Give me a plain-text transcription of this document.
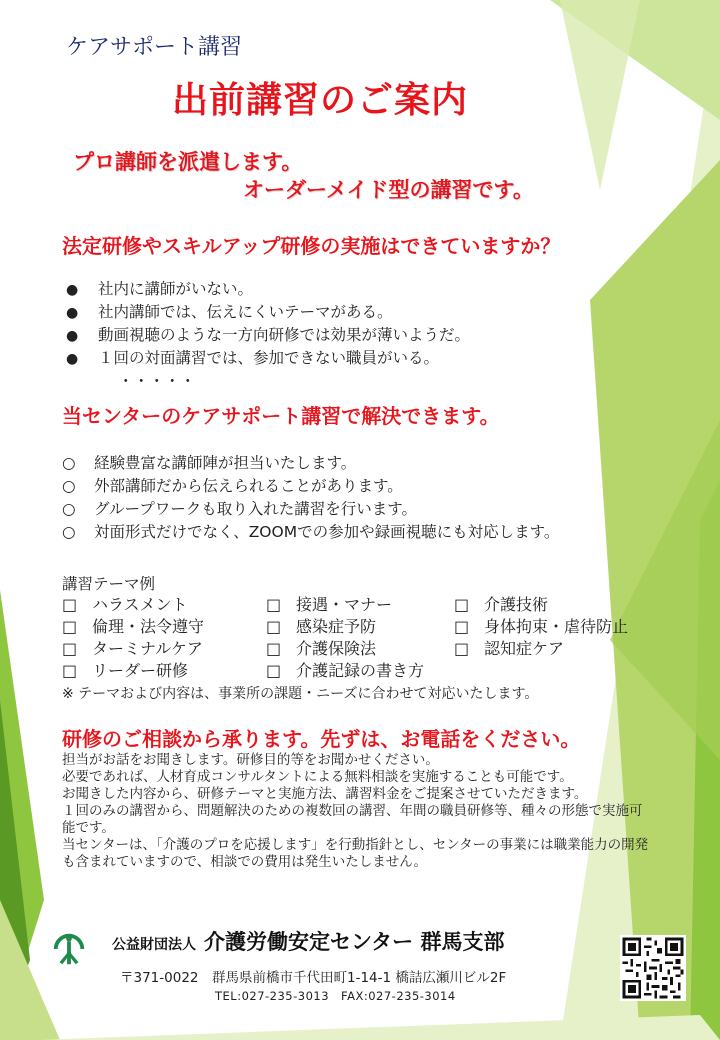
ケアサポート講習
出前講習のご案内
プロ講師を派遣します。
オーダーメイド型の講習です。
法定研修やスキルアップ研修の実施はできていますか？
● 社内に講師がいない。
● 社内講師では、伝えにくいテーマがある。
● 動画視聴のような一方向研修では効果が薄いようだ。
● １回の対面講習では、参加できない職員がいる。
・・・・・
当センターのケアサポート講習で解決できます。
○ 経験豊富な講師陣が担当いたします。
○ 外部講師だから伝えられることがあります。
○ グループワークも取り入れた講習を行います。
○ 対面形式だけでなく、ZOOMでの参加や録画視聴にも対応します。
講習テーマ例
□ ハラスメント	□ 接遇・マナー	□ 介護技術
□ 倫理・法令遵守	□ 感染症予防	□ 身体拘束・虐待防止
□ ターミナルケア	□ 介護保険法	□ 認知症ケア
□ リーダー研修	□ 介護記録の書き方
※ テーマおよび内容は、事業所の課題・ニーズに合わせて対応いたします。
研修のご相談から承ります。先ずは、お電話をください。

担当がお話をお聞きします。研修目的等をお聞かせください。

必要であれば、人材育成コンサルタントによる無料相談を実施することも可能です。

お聞きした内容から、研修テーマと実施方法、講習料金をご提案させていただきます。

１回のみの講習から、問題解決のための複数回の講習、年間の職員研修等、種々の形態で実施可能です。

当センターは、「介護のプロを応援します」を行動指針とし、センターの事業には職業能力の開発も含まれていますので、相談での費用は発生いたしません。

公益財団法人 介護労働安定センター 群馬支部
〒371-0022　群馬県前橋市千代田町1-14-1 橋詰広瀬川ビル2F
TEL:027-235-3013　FAX:027-235-3014
